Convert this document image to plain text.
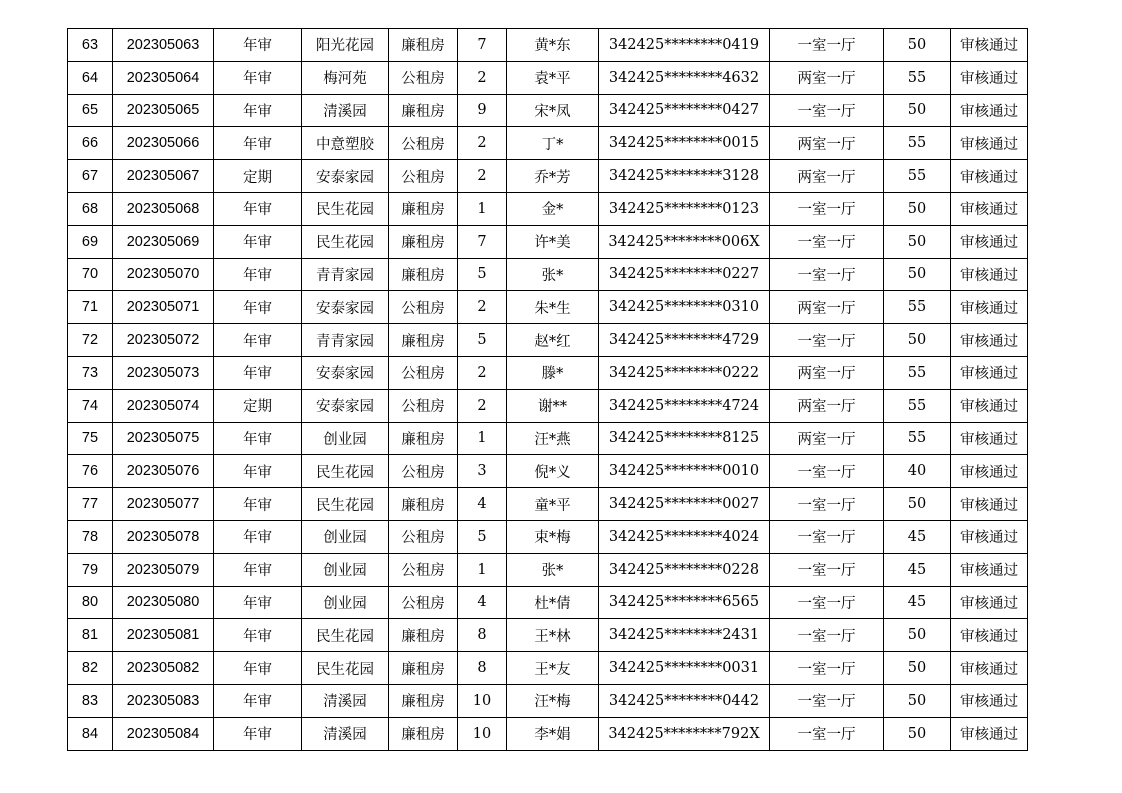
63	202305063	年审	阳光花园	廉租房	7	黄*东	342425********0419	一室一厅	50	审核通过
64	202305064	年审	梅河苑	公租房	2	袁*平	342425********4632	两室一厅	55	审核通过
65	202305065	年审	清溪园	廉租房	9	宋*凤	342425********0427	一室一厅	50	审核通过
66	202305066	年审	中意塑胶	公租房	2	丁*	342425********0015	两室一厅	55	审核通过
67	202305067	定期	安泰家园	公租房	2	乔*芳	342425********3128	两室一厅	55	审核通过
68	202305068	年审	民生花园	廉租房	1	金*	342425********0123	一室一厅	50	审核通过
69	202305069	年审	民生花园	廉租房	7	许*美	342425********006X	一室一厅	50	审核通过
70	202305070	年审	青青家园	廉租房	5	张*	342425********0227	一室一厅	50	审核通过
71	202305071	年审	安泰家园	公租房	2	朱*生	342425********0310	两室一厅	55	审核通过
72	202305072	年审	青青家园	廉租房	5	赵*红	342425********4729	一室一厅	50	审核通过
73	202305073	年审	安泰家园	公租房	2	滕*	342425********0222	两室一厅	55	审核通过
74	202305074	定期	安泰家园	公租房	2	谢**	342425********4724	两室一厅	55	审核通过
75	202305075	年审	创业园	廉租房	1	汪*燕	342425********8125	两室一厅	55	审核通过
76	202305076	年审	民生花园	公租房	3	倪*义	342425********0010	一室一厅	40	审核通过
77	202305077	年审	民生花园	廉租房	4	童*平	342425********0027	一室一厅	50	审核通过
78	202305078	年审	创业园	公租房	5	束*梅	342425********4024	一室一厅	45	审核通过
79	202305079	年审	创业园	公租房	1	张*	342425********0228	一室一厅	45	审核通过
80	202305080	年审	创业园	公租房	4	杜*倩	342425********6565	一室一厅	45	审核通过
81	202305081	年审	民生花园	廉租房	8	王*林	342425********2431	一室一厅	50	审核通过
82	202305082	年审	民生花园	廉租房	8	王*友	342425********0031	一室一厅	50	审核通过
83	202305083	年审	清溪园	廉租房	10	汪*梅	342425********0442	一室一厅	50	审核通过
84	202305084	年审	清溪园	廉租房	10	李*娟	342425********792X	一室一厅	50	审核通过
